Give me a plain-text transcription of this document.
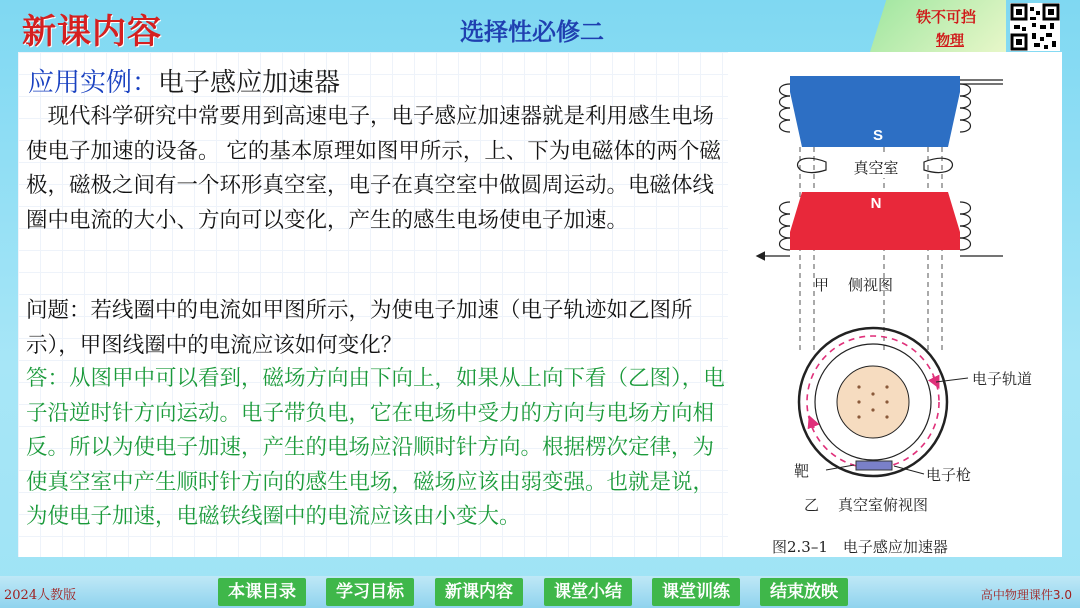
新课内容	选择性必修二
铁不可挡
物理
应用实例：电子感应加速器
现代科学研究中常要用到高速电子，电子感应加速器就是利用感生电场使电子加速的设备。 它的基本原理如图甲所示，上、下为电磁体的两个磁极，磁极之间有一个环形真空室，电子在真空室中做圆周运动。电磁体线圈中电流的大小、方向可以变化，产生的感生电场使电子加速。
问题：若线圈中的电流如甲图所示，为使电子加速（电子轨迹如乙图所示），甲图线圈中的电流应该如何变化？
答：从图甲中可以看到，磁场方向由下向上，如果从上向下看（乙图），电子沿逆时针方向运动。电子带负电，它在电场中受力的方向与电场方向相反。所以为使电子加速，产生的电场应沿顺时针方向。根据楞次定律，为使真空室中产生顺时针方向的感生电场，磁场应该由弱变强。也就是说，为使电子加速，电磁铁线圈中的电流应该由小变大。
S
真空室
N
甲 侧视图
电子轨道
靶	电子枪
乙 真空室俯视图
图2.3–1　电子感应加速器
2024人教版	高中物理课件3.0
本课目录	学习目标	新课内容	课堂小结	课堂训练	结束放映
